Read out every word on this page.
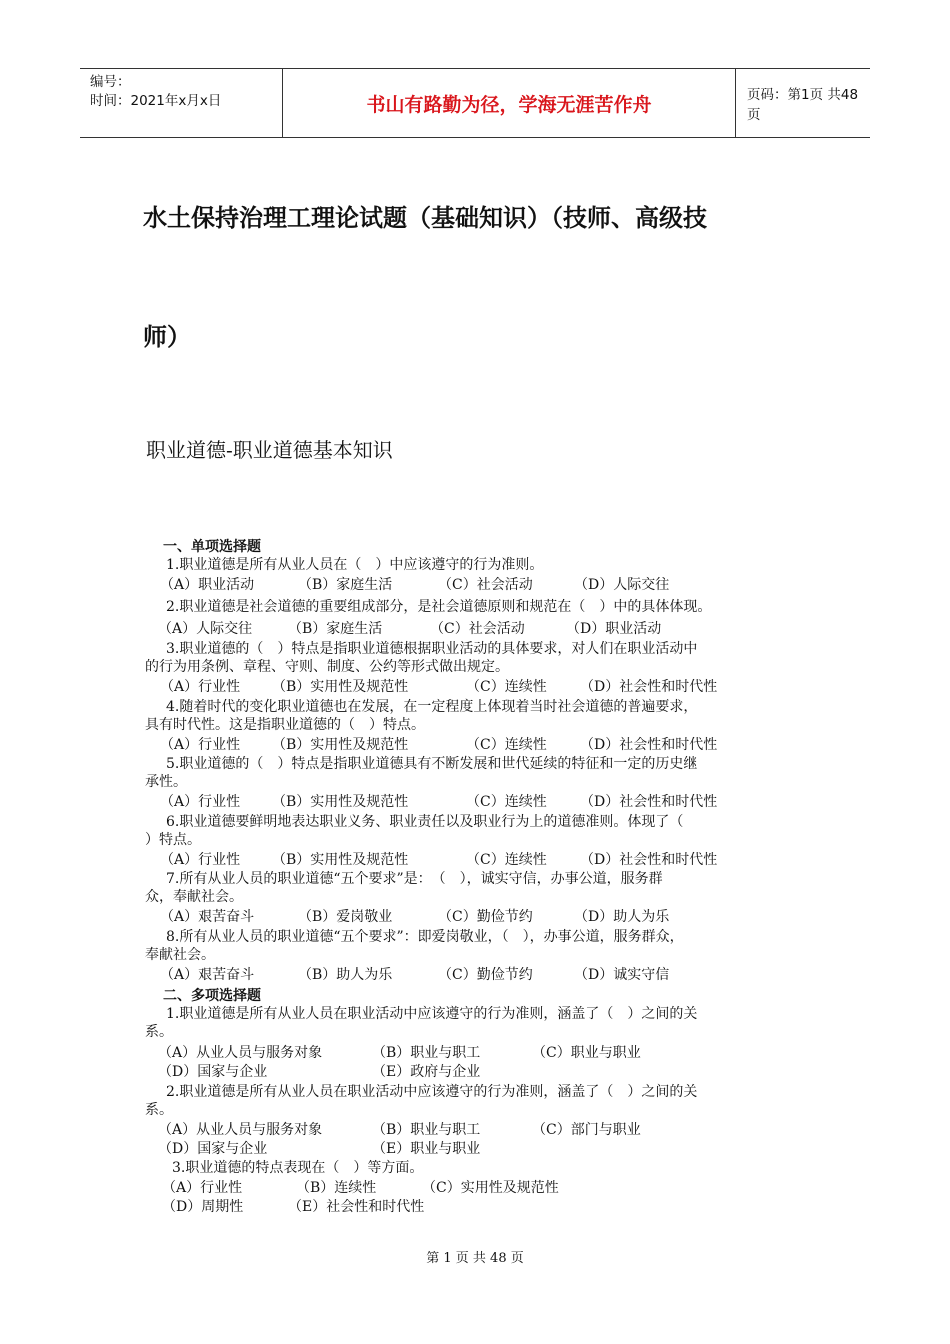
编号：
时间：2021年x月x日	书山有路勤为径，学海无涯苦作舟	页码：第1页 共48页
水土保持治理工理论试题（基础知识）（技师、高级技
师）
职业道德-职业道德基本知识
一、单项选择题
1.职业道德是所有从业人员在（　）中应该遵守的行为准则。
（A）职业活动	（B）家庭生活	（C）社会活动	（D）人际交往
2.职业道德是社会道德的重要组成部分，是社会道德原则和规范在（　）中的具体体现。
（A）人际交往	（B）家庭生活	（C）社会活动	（D）职业活动
3.职业道德的（　）特点是指职业道德根据职业活动的具体要求，对人们在职业活动中
的行为用条例、章程、守则、制度、公约等形式做出规定。
（A）行业性 （B）实用性及规范性	（C）连续性 （D）社会性和时代性
4.随着时代的变化职业道德也在发展，在一定程度上体现着当时社会道德的普遍要求，
具有时代性。这是指职业道德的（　）特点。
（A）行业性 （B）实用性及规范性	（C）连续性 （D）社会性和时代性
5.职业道德的（　）特点是指职业道德具有不断发展和世代延续的特征和一定的历史继
承性。
（A）行业性 （B）实用性及规范性	（C）连续性 （D）社会性和时代性
6.职业道德要鲜明地表达职业义务、职业责任以及职业行为上的道德准则。体现了（
）特点。
（A）行业性 （B）实用性及规范性	（C）连续性 （D）社会性和时代性
7.所有从业人员的职业道德“五个要求”是：　（　），诚实守信，办事公道，服务群
众，奉献社会。
（A）艰苦奋斗	（B）爱岗敬业	（C）勤俭节约	（D）助人为乐
8.所有从业人员的职业道德“五个要求”：即爱岗敬业，（　），办事公道，服务群众，
奉献社会。
（A）艰苦奋斗	（B）助人为乐	（C）勤俭节约	（D）诚实守信
二、多项选择题
1.职业道德是所有从业人员在职业活动中应该遵守的行为准则，涵盖了（　）之间的关
系。
（A）从业人员与服务对象	（B）职业与职工	（C）职业与职业
（D）国家与企业	（E）政府与企业
2.职业道德是所有从业人员在职业活动中应该遵守的行为准则，涵盖了（　）之间的关
系。
（A）从业人员与服务对象	（B）职业与职工	（C）部门与职业
（D）国家与企业	（E）职业与职业
3.职业道德的特点表现在（　）等方面。
（A）行业性	（B）连续性	（C）实用性及规范性
（D）周期性	（E）社会性和时代性
第 1 页 共 48 页
